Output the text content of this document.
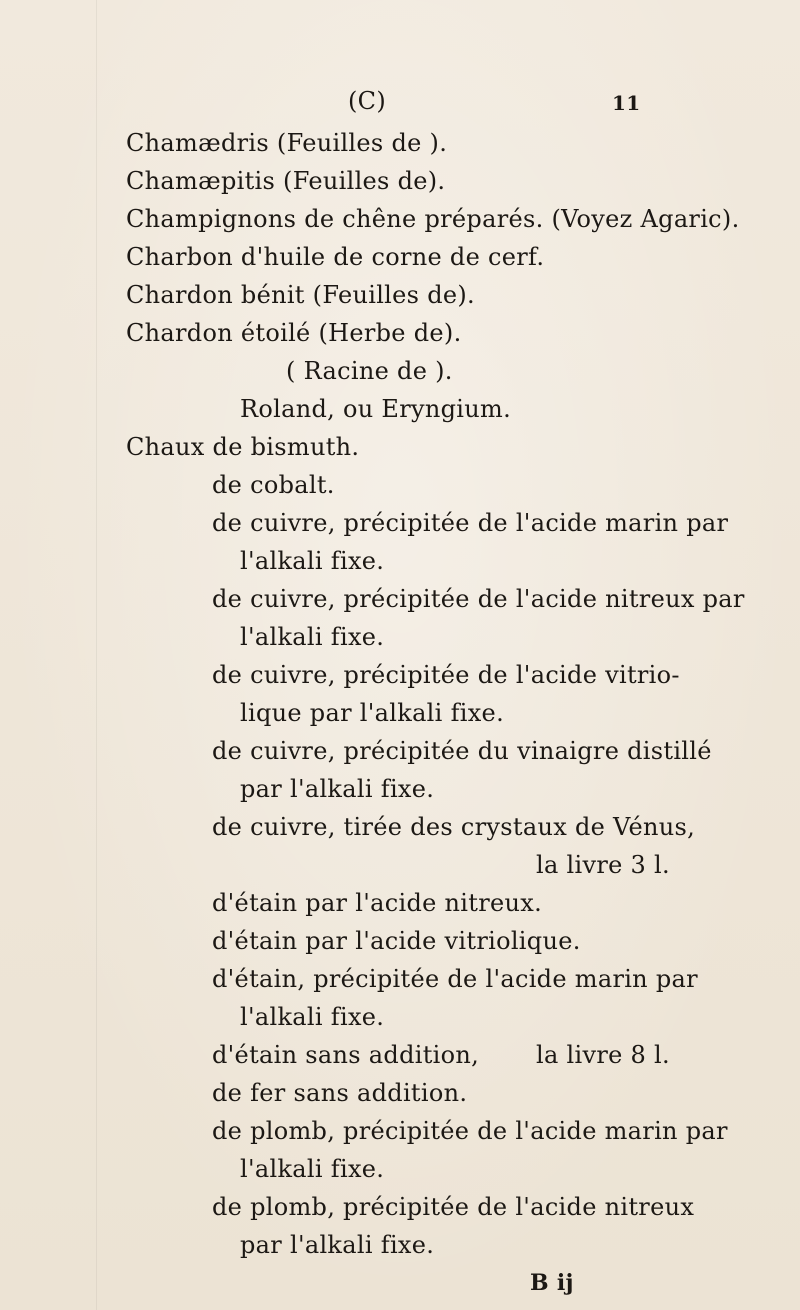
(C)	11
Chamædris (Feuilles de ).
Chamæpitis (Feuilles de).
Champignons de chêne préparés. (Voyez Agaric).
Charbon d'huile de corne de cerf.
Chardon bénit (Feuilles de).
Chardon étoilé (Herbe de).
( Racine de ).
Roland, ou Eryngium.
Chaux de bismuth.
de cobalt.
de cuivre, précipitée de l'acide marin par
l'alkali fixe.
de cuivre, précipitée de l'acide nitreux par
l'alkali fixe.
de cuivre, précipitée de l'acide vitrio-
lique par l'alkali fixe.
de cuivre, précipitée du vinaigre distillé
par l'alkali fixe.
de cuivre, tirée des crystaux de Vénus,
la livre 3 l.
d'étain par l'acide nitreux.
d'étain par l'acide vitriolique.
d'étain, précipitée de l'acide marin par
l'alkali fixe.
d'étain sans addition, la livre 8 l.
de fer sans addition.
de plomb, précipitée de l'acide marin par
l'alkali fixe.
de plomb, précipitée de l'acide nitreux
par l'alkali fixe.
B ij
